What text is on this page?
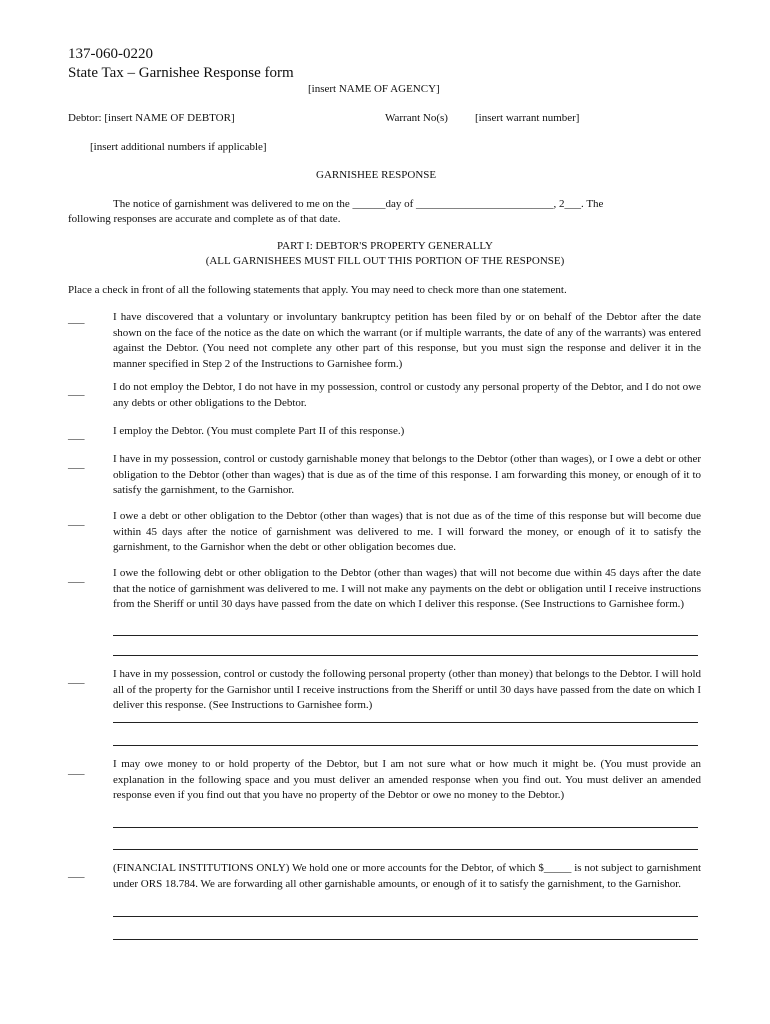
137-060-0220
State Tax – Garnishee Response form
[insert NAME OF AGENCY]
Debtor: [insert NAME OF DEBTOR]	Warrant No(s) [insert warrant number]
[insert additional numbers if applicable]
GARNISHEE RESPONSE
The notice of garnishment was delivered to me on the ______day of _________________________, 2___. The
following responses are accurate and complete as of that date.
PART I: DEBTOR'S PROPERTY GENERALLY
(ALL GARNISHEES MUST FILL OUT THIS PORTION OF THE RESPONSE)
Place a check in front of all the following statements that apply. You may need to check more than one statement.
___	I have discovered that a voluntary or involuntary bankruptcy petition has been filed by or on behalf of the Debtor after the date shown on the face of the notice as the date on which the warrant (or if multiple warrants, the date of any of the warrants) was entered against the Debtor. (You need not complete any other part of this response, but you must sign the response and deliver it in the manner specified in Step 2 of the Instructions to Garnishee form.)
___	I do not employ the Debtor, I do not have in my possession, control or custody any personal property of the Debtor, and I do not owe any debts or other obligations to the Debtor.
___	I employ the Debtor. (You must complete Part II of this response.)
___	I have in my possession, control or custody garnishable money that belongs to the Debtor (other than wages), or I owe a debt or other obligation to the Debtor (other than wages) that is due as of the time of this response. I am forwarding this money, or enough of it to satisfy the garnishment, to the Garnishor.
___	I owe a debt or other obligation to the Debtor (other than wages) that is not due as of the time of this response but will become due within 45 days after the notice of garnishment was delivered to me. I will forward the money, or enough of it to satisfy the garnishment, to the Garnishor when the debt or other obligation becomes due.
___	I owe the following debt or other obligation to the Debtor (other than wages) that will not become due within 45 days after the date that the notice of garnishment was delivered to me. I will not make any payments on the debt or obligation until I receive instructions from the Sheriff or until 30 days have passed from the date on which I deliver this response. (See Instructions to Garnishee form.)
___	I have in my possession, control or custody the following personal property (other than money) that belongs to the Debtor. I will hold all of the property for the Garnishor until I receive instructions from the Sheriff or until 30 days have passed from the date on which I deliver this response. (See Instructions to Garnishee form.)
___	I may owe money to or hold property of the Debtor, but I am not sure what or how much it might be. (You must provide an explanation in the following space and you must deliver an amended response when you find out. You must deliver an amended response even if you find out that you have no property of the Debtor or owe no money to the Debtor.)
___	(FINANCIAL INSTITUTIONS ONLY) We hold one or more accounts for the Debtor, of which $_____ is not subject to garnishment under ORS 18.784. We are forwarding all other garnishable amounts, or enough of it to satisfy the garnishment, to the Garnishor.
